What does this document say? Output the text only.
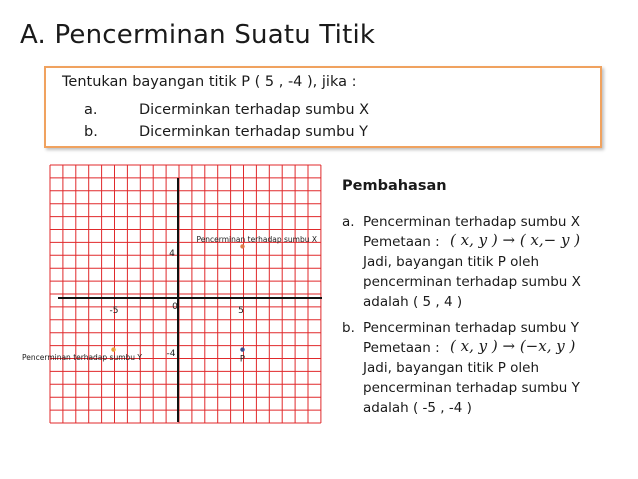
A. Pencerminan Suatu Titik
Tentukan bayangan titik P ( 5 , -4 ), jika :
a.	Dicerminkan terhadap sumbu X
b.	Dicerminkan terhadap sumbu Y
-5	5
0
4
-4
Pencerminan terhadap sumbu X
P
Pencerminan terhadap sumbu Y
Pembahasan
a. Pencerminan terhadap sumbu X
Pemetaan : ( x, y ) → ( x,− y )
Jadi, bayangan titik P oleh
pencerminan terhadap sumbu X
adalah ( 5 , 4 )
b. Pencerminan terhadap sumbu Y
Pemetaan : ( x, y ) → (−x, y )
Jadi, bayangan titik P oleh
pencerminan terhadap sumbu Y
adalah ( -5 , -4 )
